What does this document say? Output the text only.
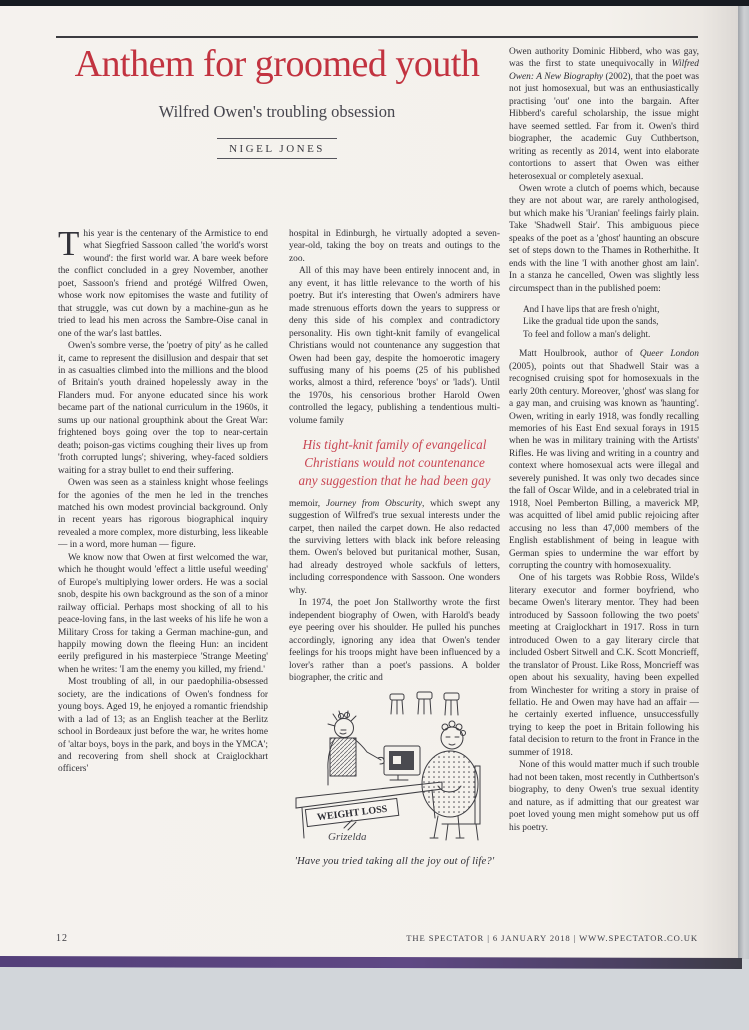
Anthem for groomed youth
Wilfred Owen's troubling obsession
NIGEL JONES

This year is the centenary of the Armistice to end what Siegfried Sassoon called 'the world's worst wound': the first world war. A bare week before the conflict concluded in a grey November, another poet, Sassoon's friend and protégé Wilfred Owen, whose work now epitomises the waste and futility of that struggle, was cut down by a machine-gun as he tried to lead his men across the Sambre-Oise canal in one of the war's last battles.

Owen's sombre verse, the 'poetry of pity' as he called it, came to represent the disillusion and despair that set in as casualties climbed into the millions and the blood of Britain's youth drained hopelessly away in the Flanders mud. For anyone educated since his work became part of the national curriculum in the 1960s, it sums up our national groupthink about the Great War: frightened boys going over the top to near-certain death; poison-gas victims coughing their lives up from 'froth corrupted lungs'; shivering, whey-faced soldiers waiting for a stray bullet to end their suffering.

Owen was seen as a stainless knight whose feelings for the agonies of the men he led in the trenches matched his own modest provincial background. Only in recent years has rigorous biographical inquiry revealed a more complex, more disturbing, less likeable — in a word, more human — figure.

We know now that Owen at first welcomed the war, which he thought would 'effect a little useful weeding' of Europe's multiplying lower orders. He was a social snob, despite his own background as the son of a minor railway official. Perhaps most shocking of all to his peace-loving fans, in the last weeks of his life he won a Military Cross for taking a German machine-gun, and happily mowing down the fleeing Hun: an incident eerily prefigured in his masterpiece 'Strange Meeting' when he writes: 'I am the enemy you killed, my friend.'

Most troubling of all, in our paedophilia-obsessed society, are the indications of Owen's fondness for young boys. Aged 19, he enjoyed a romantic friendship with a lad of 13; as an English teacher at the Berlitz school in Bordeaux just before the war, he writes home of 'altar boys, boys in the park, and boys in the YMCA'; and recovering from shell shock at Craiglockhart officers'

hospital in Edinburgh, he virtually adopted a seven-year-old, taking the boy on treats and outings to the zoo.

All of this may have been entirely innocent and, in any event, it has little relevance to the worth of his poetry. But it's interesting that Owen's admirers have made strenuous efforts down the years to suppress or deny this side of his complex and contradictory personality. His own tight-knit family of evangelical Christians would not countenance any suggestion that Owen had been gay, despite the homoerotic imagery suffusing many of his poems (25 of his published works, almost a third, reference 'boys' or 'lads'). Until the 1970s, his censorious brother Harold Owen controlled the legacy, publishing a tendentious multi-volume family

His tight-knit family of evangelical
Christians would not countenance
any suggestion that he had been gay

memoir, Journey from Obscurity, which swept any suggestion of Wilfred's true sexual interests under the carpet, then nailed the carpet down. He also redacted the surviving letters with black ink before releasing them. Owen's beloved but puritanical mother, Susan, had already destroyed whole sackfuls of letters, including correspondence with Sassoon. One wonders why.

In 1974, the poet Jon Stallworthy wrote the first independent biography of Owen, with Harold's beady eye peering over his shoulder. He pulled his punches accordingly, ignoring any idea that Owen's tender feelings for his troops might have been influenced by a lover's rather than a poet's passions. A bolder biographer, the critic and

WEIGHT LOSS
Grizelda
'Have you tried taking all the joy out of life?'

Owen authority Dominic Hibberd, who was gay, was the first to state unequivocally in Wilfred Owen: A New Biography (2002), that the poet was not just homosexual, but was an enthusiastically practising 'out' one into the bargain. After Hibberd's careful scholarship, the issue might have seemed settled. Far from it. Owen's third biographer, the academic Guy Cuthbertson, writing as recently as 2014, went into elaborate contortions to assert that Owen was either heterosexual or completely asexual.

Owen wrote a clutch of poems which, because they are not about war, are rarely anthologised, but which make his 'Uranian' feelings fairly plain. Take 'Shadwell Stair'. This ambiguous piece speaks of the poet as a 'ghost' haunting an obscure set of steps down to the Thames in Rotherhithe. It ends with the line 'I with another ghost am lain'. In a stanza he cancelled, Owen was slightly less circumspect than in the published poem:

And I have lips that are fresh o'night,
Like the gradual tide upon the sands,
To feel and follow a man's delight.

Matt Houlbrook, author of Queer London (2005), points out that Shadwell Stair was a recognised cruising spot for homosexuals in the early 20th century. Moreover, 'ghost' was slang for a gay man, and cruising was known as 'haunting'. Owen, writing in early 1918, was fondly recalling memories of his East End sexual forays in 1915 when he was in military training with the Artists' Rifles. He was living and writing in a country and context where homosexual acts were illegal and severely punished. It was only two decades since the fall of Oscar Wilde, and in a celebrated trial in 1918, Noel Pemberton Billing, a maverick MP, was acquitted of libel amid public rejoicing after accusing no less than 47,000 members of the English establishment of being in league with German spies to undermine the war effort by corrupting the country with homosexuality.

One of his targets was Robbie Ross, Wilde's literary executor and former boyfriend, who became Owen's literary mentor. They had been introduced by Sassoon following the two poets' meeting at Craiglockhart in 1917. Ross in turn introduced Owen to a gay literary circle that included Osbert Sitwell and C.K. Scott Moncrieff, the translator of Proust. Like Ross, Moncrieff was open about his sexuality, having been expelled from Winchester for writing a story in praise of fellatio. He and Owen may have had an affair — he certainly exerted influence, unsuccessfully trying to keep the poet in Britain following his fatal decision to return to the front in France in the summer of 1918.

None of this would matter much if such trouble had not been taken, most recently in Cuthbertson's biography, to deny Owen's true sexual identity and nature, as if admitting that our greatest war poet loved young men might somehow put us off his poetry.

12	THE SPECTATOR | 6 JANUARY 2018 | WWW.SPECTATOR.CO.UK
